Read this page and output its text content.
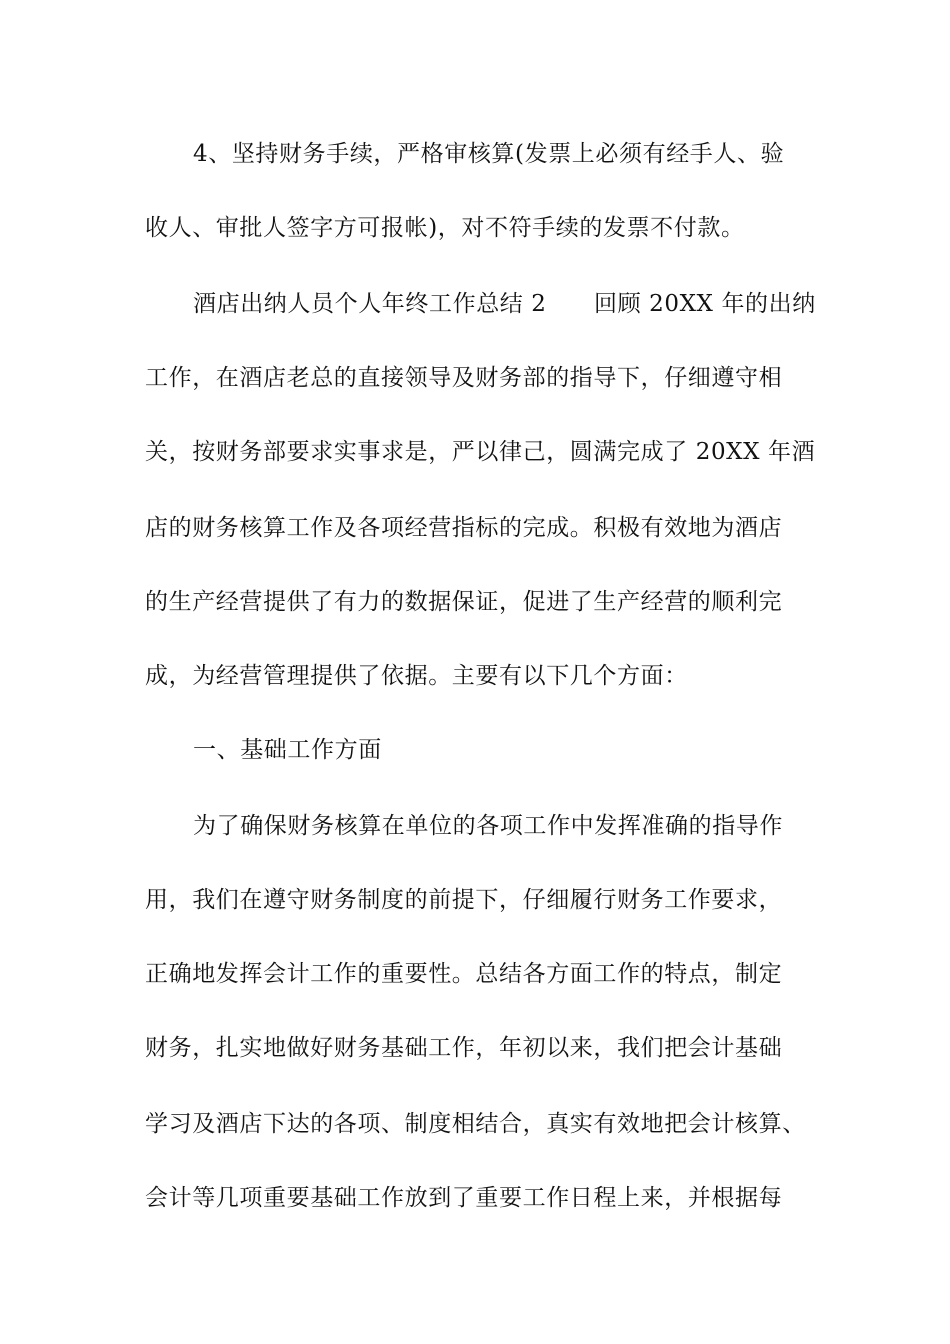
4、坚持财务手续，严格审核算(发票上必须有经手人、验
收人、审批人签字方可报帐)，对不符手续的发票不付款。
酒店出纳人员个人年终工作总结 2      回顾 20XX 年的出纳
工作，在酒店老总的直接领导及财务部的指导下，仔细遵守相
关，按财务部要求实事求是，严以律己，圆满完成了 20XX 年酒
店的财务核算工作及各项经营指标的完成。积极有效地为酒店
的生产经营提供了有力的数据保证，促进了生产经营的顺利完
成，为经营管理提供了依据。主要有以下几个方面：
一、基础工作方面
为了确保财务核算在单位的各项工作中发挥准确的指导作
用，我们在遵守财务制度的前提下，仔细履行财务工作要求，
正确地发挥会计工作的重要性。总结各方面工作的特点，制定
财务，扎实地做好财务基础工作，年初以来，我们把会计基础
学习及酒店下达的各项、制度相结合，真实有效地把会计核算、
会计等几项重要基础工作放到了重要工作日程上来，并根据每
